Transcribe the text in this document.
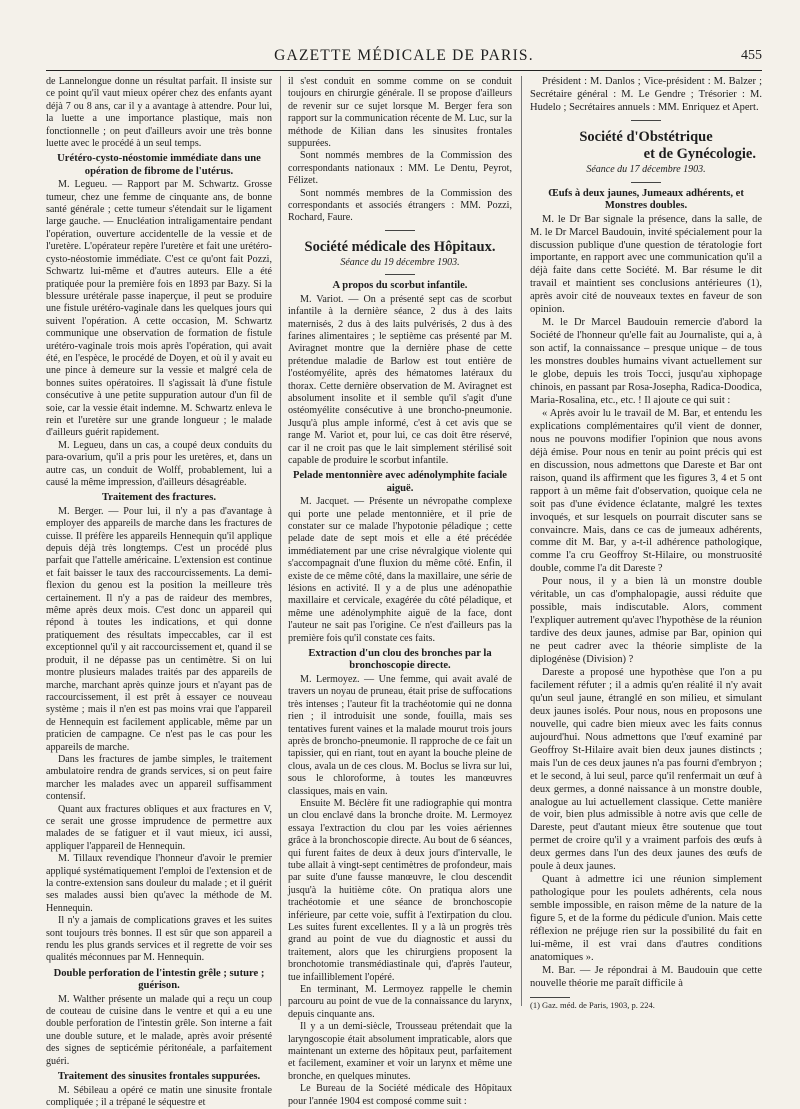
GAZETTE MÉDICALE DE PARIS.	455

de Lannelongue donne un résultat parfait. Il insiste sur ce point qu'il vaut mieux opérer chez des enfants ayant déjà 7 ou 8 ans, car il y a avantage à attendre. Pour lui, la luette a une importance plastique, mais non fonctionnelle ; on peut d'ailleurs avoir une très bonne luette avec le procédé à un seul temps.

Urétéro-cysto-néostomie immédiate dans une opération de fibrome de l'utérus.

M. Legueu. — Rapport par M. Schwartz. Grosse tumeur, chez une femme de cinquante ans, de bonne santé générale ; cette tumeur s'étendait sur le ligament large gauche. — Enucléation intraligamentaire pendant l'opération, ouverture accidentelle de la vessie et de l'uretère. L'opérateur repère l'uretère et fait une urétéro-cysto-néostomie immédiate. C'est ce qu'ont fait Pozzi, Schwartz lui-même et d'autres auteurs. Elle a été pratiquée pour la première fois en 1893 par Bazy. Si la blessure urétérale passe inaperçue, il peut se produire une fistule urétéro-vaginale dans les quelques jours qui suivent l'opération. A cette occasion, M. Schwartz communique une observation de formation de fistule urétéro-vaginale trois mois après l'opération, qui avait été, en l'espèce, le procédé de Doyen, et où il y avait eu une pince à demeure sur la vessie et malgré cela de bonnes suites opératoires. Il s'agissait là d'une fistule consécutive à une petite suppuration autour d'un fil de soie, car la vessie était indemne. M. Schwartz enleva le rein et l'uretère sur une grande longueur ; le malade d'ailleurs guérit rapidement.

M. Legueu, dans un cas, a coupé deux conduits du para-ovarium, qu'il a pris pour les uretères, et, dans un autre cas, un conduit de Wolff, probablement, lui a causé la même impression, d'ailleurs désagréable.

Traitement des fractures.

M. Berger. — Pour lui, il n'y a pas d'avantage à employer des appareils de marche dans les fractures de cuisse. Il préfère les appareils Hennequin qu'il applique depuis déjà très longtemps. C'est un procédé plus parfait que l'attelle américaine. L'extension est continue et fait baisser le taux des raccourcissements. La demi-flexion du genou est la position la meilleure très certainement. Il n'y a pas de raideur des membres, même après deux mois. C'est donc un appareil qui répond à toutes les indications, et qui donne pratiquement des résultats impeccables, car il est exceptionnel qu'il y ait raccourcissement et, quand il se produit, il ne dépasse pas un centimètre. Si on lui montre plusieurs malades traités par des appareils de marche, marchant après quinze jours et n'ayant pas de raccourcissement, il est prêt à essayer ce nouveau système ; mais il n'en est pas moins vrai que l'appareil de Hennequin est facilement applicable, même par un praticien de campagne. Ce n'est pas le cas pour les appareils de marche.

Dans les fractures de jambe simples, le traitement ambulatoire rendra de grands services, si on peut faire marcher les malades avec un appareil suffisamment contensif.

Quant aux fractures obliques et aux fractures en V, ce serait une grosse imprudence de permettre aux malades de se fatiguer et il vaut mieux, ici aussi, appliquer l'appareil de Hennequin.

M. Tillaux revendique l'honneur d'avoir le premier appliqué systématiquement l'emploi de l'extension et de la contre-extension sans douleur du malade ; et il guérit ses malades aussi bien qu'avec la méthode de M. Hennequin.

Il n'y a jamais de complications graves et les suites sont toujours très bonnes. Il est sûr que son appareil a rendu les plus grands services et il regrette de voir ses qualités méconnues par M. Hennequin.

Double perforation de l'intestin grêle ; suture ; guérison.

M. Walther présente un malade qui a reçu un coup de couteau de cuisine dans le ventre et qui a eu une double perforation de l'intestin grêle. Son interne a fait une double suture, et le malade, après avoir présenté des signes de septicémie péritonéale, a parfaitement guéri.

Traitement des sinusites frontales suppurées.

M. Sébileau a opéré ce matin une sinusite frontale compliquée ; il a trépané le séquestre et

il s'est conduit en somme comme on se conduit toujours en chirurgie générale. Il se propose d'ailleurs de revenir sur ce sujet lorsque M. Berger fera son rapport sur la communication récente de M. Luc, sur la méthode de Kilian dans les sinusites frontales suppurées.

Sont nommés membres de la Commission des correspondants nationaux : MM. Le Dentu, Peyrot, Félizet.

Sont nommés membres de la Commission des correspondants et associés étrangers : MM. Pozzi, Rochard, Faure.

Société médicale des Hôpitaux.
Séance du 19 décembre 1903.
A propos du scorbut infantile.

M. Variot. — On a présenté sept cas de scorbut infantile à la dernière séance, 2 dus à des laits maternisés, 2 dus à des laits pulvérisés, 2 dus à des farines alimentaires ; le septième cas présenté par M. Aviragnet montre que la dernière phase de cette prétendue maladie de Barlow est tout entière de l'ostéomyélite, après des hématomes latéraux du thorax. Cette dernière observation de M. Aviragnet est absolument insolite et il semble qu'il s'agit d'une ostéomyélite consécutive à une broncho-pneumonie. Jusqu'à plus ample informé, c'est à cet avis que se range M. Variot et, pour lui, ce cas doit être réservé, car il ne croit pas que le lait simplement stérilisé soit capable de produire le scorbut infantile.

Pelade mentonnière avec adénolymphite faciale aiguë.

M. Jacquet. — Présente un névropathe complexe qui porte une pelade mentonnière, et il prie de constater sur ce malade l'hypotonie péladique ; cette pelade date de sept mois et elle a été précédée immédiatement par une crise névralgique violente qui s'accompagnait d'une fluxion du même côté. Enfin, il existe de ce même côté, dans la maxillaire, une série de lésions en activité. Il y a de plus une adénopathie maxillaire et cervicale, exagérée du côté péladique, et même une adénolymphite aiguë de la face, dont l'auteur ne sait pas l'origine. Ce n'est d'ailleurs pas la première fois qu'il constate ces faits.

Extraction d'un clou des bronches par la bronchoscopie directe.

M. Lermoyez. — Une femme, qui avait avalé de travers un noyau de pruneau, était prise de suffocations très intenses ; l'auteur fit la trachéotomie qui ne donna rien ; il introduisit une sonde, fouilla, mais ses tentatives furent vaines et la malade mourut trois jours après de broncho-pneumonie. Il rapproche de ce fait un tapissier, qui en riant, tout en ayant la bouche pleine de clous, avala un de ces clous. M. Boclus se livra sur lui, sous le chloroforme, à toutes les manœuvres classiques, mais en vain.

Ensuite M. Béclère fit une radiographie qui montra un clou enclavé dans la bronche droite. M. Lermoyez essaya l'extraction du clou par les voies aériennes grâce à la bronchoscopie directe. Au bout de 6 séances, qui furent faites de deux à deux jours d'intervalle, le tube allait à vingt-sept centimètres de profondeur, mais par suite d'une fausse manœuvre, le clou descendit jusqu'à la huitième côte. On pratiqua alors une trachéotomie et une séance de bronchoscopie inférieure, par cette voie, suffit à l'extirpation du clou. Les suites furent excellentes. Il y a là un progrès très grand au point de vue du diagnostic et aussi du traitement, alors que les chirurgiens proposent la bronchotomie transmédiastinale qui, d'après l'auteur, tue infailliblement l'opéré.

En terminant, M. Lermoyez rappelle le chemin parcouru au point de vue de la connaissance du larynx, depuis cinquante ans.

Il y a un demi-siècle, Trousseau prétendait que la laryngoscopie était absolument impraticable, alors que maintenant un externe des hôpitaux peut, parfaitement et facilement, examiner et voir un larynx et même une bronche, en quelques minutes.

Le Bureau de la Société médicale des Hôpitaux pour l'année 1904 est composé comme suit :

Président : M. Danlos ; Vice-président : M. Balzer ; Secrétaire général : M. Le Gendre ; Trésorier : M. Hudelo ; Secrétaires annuels : MM. Enriquez et Apert.

Société d'Obstétrique
et de Gynécologie.
Séance du 17 décembre 1903.
Œufs à deux jaunes, Jumeaux adhérents, et Monstres doubles.

M. le Dr Bar signale la présence, dans la salle, de M. le Dr Marcel Baudouin, invité spécialement pour la discussion publique d'une question de tératologie fort importante, en rapport avec une communication qu'il a déjà faite dans cette Société. M. Bar résume le dit travail et maintient ses conclusions antérieures (1), après avoir cité de nouveaux textes en faveur de son opinion.

M. le Dr Marcel Baudouin remercie d'abord la Société de l'honneur qu'elle fait au Journaliste, qui a, à son actif, la connaissance – presque unique – de tous les monstres doubles humains vivant actuellement sur le globe, depuis les trois Tocci, jusqu'au xiphopage chinois, en passant par Rosa-Josepha, Radica-Doodica, Maria-Rosalina, etc., etc. ! Il ajoute ce qui suit :

« Après avoir lu le travail de M. Bar, et entendu les explications complémentaires qu'il vient de donner, nous ne pouvons modifier l'opinion que nous avons déjà émise. Pour nous en tenir au point précis qui est en discussion, nous admettons que Dareste et Bar ont raison, quand ils affirment que les figures 3, 4 et 5 ont rapport à un même fait d'observation, quoique cela ne soit pas d'une évidence éclatante, malgré les textes invoqués, et sur lesquels on pourrait discuter sans se convaincre. Mais, dans ce cas de jumeaux adhérents, comme dit M. Bar, y a-t-il adhérence pathologique, comme l'a cru Geoffroy St-Hilaire, ou monstruosité double, comme l'a dit Dareste ?

Pour nous, il y a bien là un monstre double véritable, un cas d'omphalopagie, aussi réduite que possible, mais indiscutable. Alors, comment l'expliquer autrement qu'avec l'hypothèse de la réunion tardive des deux jaunes, admise par Bar, opinion qui ne peut cadrer avec la théorie simpliste de la diplogénèse (Division) ?

Dareste a proposé une hypothèse que l'on a pu facilement réfuter ; il a admis qu'en réalité il n'y avait qu'un seul jaune, étranglé en son milieu, et simulant deux jaunes isolés. Pour nous, nous en proposons une nouvelle, qui cadre bien mieux avec les faits connus aujourd'hui. Nous admettons que l'œuf examiné par Geoffroy St-Hilaire avait bien deux jaunes distincts ; mais l'un de ces deux jaunes n'a pas fourni d'embryon ; et le second, à lui seul, parce qu'il renfermait un œuf à deux germes, a donné naissance à un monstre double, analogue au lui actuellement classique. Cette manière de voir, bien plus admissible à notre avis que celle de Dareste, peut d'autant mieux être soutenue que tout permet de croire qu'il y a vraiment parfois des œufs à deux germes dans l'un des deux jaunes des œufs de poule à deux jaunes.

Quant à admettre ici une réunion simplement pathologique pour les poulets adhérents, cela nous semble impossible, en raison même de la nature de la figure 5, et de la forme du pédicule d'union. Mais cette réflexion ne préjuge rien sur la possibilité du fait en lui-même, il est vrai dans d'autres conditions anatomiques ».

M. Bar. — Je répondrai à M. Baudouin que cette nouvelle théorie me paraît difficile à

(1) Gaz. méd. de Paris, 1903, p. 224.
